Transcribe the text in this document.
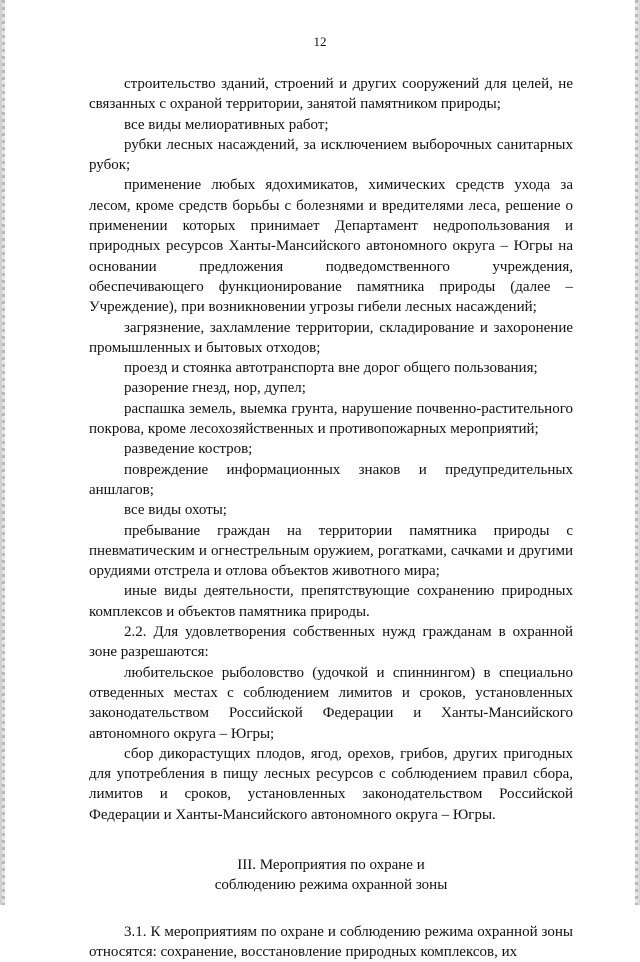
12

строительство зданий, строений и других сооружений для целей, не связанных с охраной территории, занятой памятником природы;

все виды мелиоративных работ;

рубки лесных насаждений, за исключением выборочных санитарных рубок;

применение любых ядохимикатов, химических средств ухода за лесом, кроме средств борьбы с болезнями и вредителями леса, решение о применении которых принимает Департамент недропользования и природных ресурсов Ханты-Мансийского автономного округа – Югры на основании предложения подведомственного учреждения, обеспечивающего функционирование памятника природы (далее – Учреждение), при возникновении угрозы гибели лесных насаждений;

загрязнение, захламление территории, складирование и захоронение промышленных и бытовых отходов;

проезд и стоянка автотранспорта вне дорог общего пользования;

разорение гнезд, нор, дупел;

распашка земель, выемка грунта, нарушение почвенно-растительного покрова, кроме лесохозяйственных и противопожарных мероприятий;

разведение костров;

повреждение информационных знаков и предупредительных аншлагов;

все виды охоты;

пребывание граждан на территории памятника природы с пневматическим и огнестрельным оружием, рогатками, сачками и другими орудиями отстрела и отлова объектов животного мира;

иные виды деятельности, препятствующие сохранению природных комплексов и объектов памятника природы.

2.2. Для удовлетворения собственных нужд гражданам в охранной зоне разрешаются:

любительское рыболовство (удочкой и спиннингом) в специально отведенных местах с соблюдением лимитов и сроков, установленных законодательством Российской Федерации и Ханты-Мансийского автономного округа – Югры;

сбор дикорастущих плодов, ягод, орехов, грибов, других пригодных для употребления в пищу лесных ресурсов с соблюдением правил сбора, лимитов и сроков, установленных законодательством Российской Федерации и Ханты-Мансийского автономного округа – Югры.

III. Мероприятия по охране и
соблюдению режима охранной зоны

3.1. К мероприятиям по охране и соблюдению режима охранной зоны относятся: сохранение, восстановление природных комплексов, их
